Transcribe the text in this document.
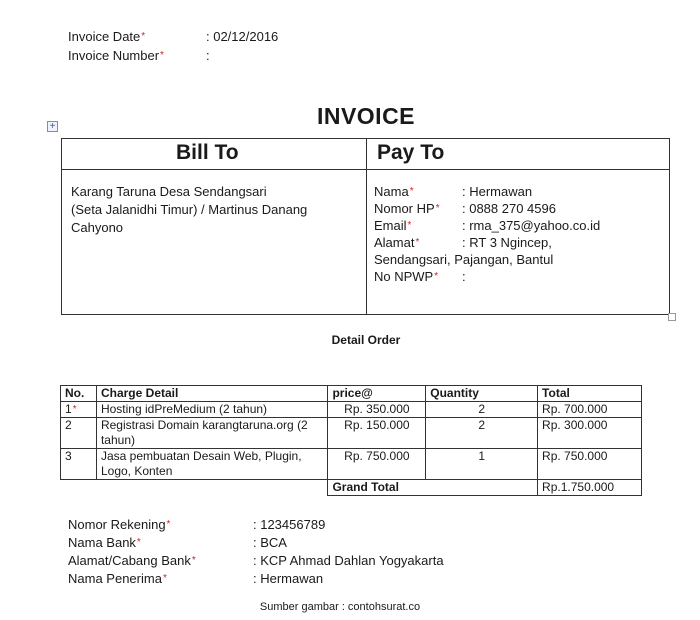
Invoice Date*	: 02/12/2016
Invoice Number*	:
INVOICE
+
Bill To	Pay To
Karang Taruna Desa Sendangsari
(Seta Jalanidhi Timur) / Martinus Danang
Cahyono
Nama*	: Hermawan
Nomor HP*	: 0888 270 4596
Email*	: rma_375@yahoo.co.id
Alamat*	: RT 3 Ngincep,
Sendangsari, Pajangan, Bantul
No NPWP*	:
Detail Order
No.	Charge Detail	price@	Quantity	Total
1*	Hosting idPreMedium (2 tahun)	Rp. 350.000	2	Rp. 700.000
2	Registrasi Domain karangtaruna.org (2 tahun)	Rp. 150.000	2	Rp. 300.000
3	Jasa pembuatan Desain Web, Plugin, Logo, Konten	Rp. 750.000	1	Rp. 750.000
		Grand Total		Rp.1.750.000
Nomor Rekening*	: 123456789
Nama Bank*	: BCA
Alamat/Cabang Bank*	: KCP Ahmad Dahlan Yogyakarta
Nama Penerima*	: Hermawan
Sumber gambar : contohsurat.co
